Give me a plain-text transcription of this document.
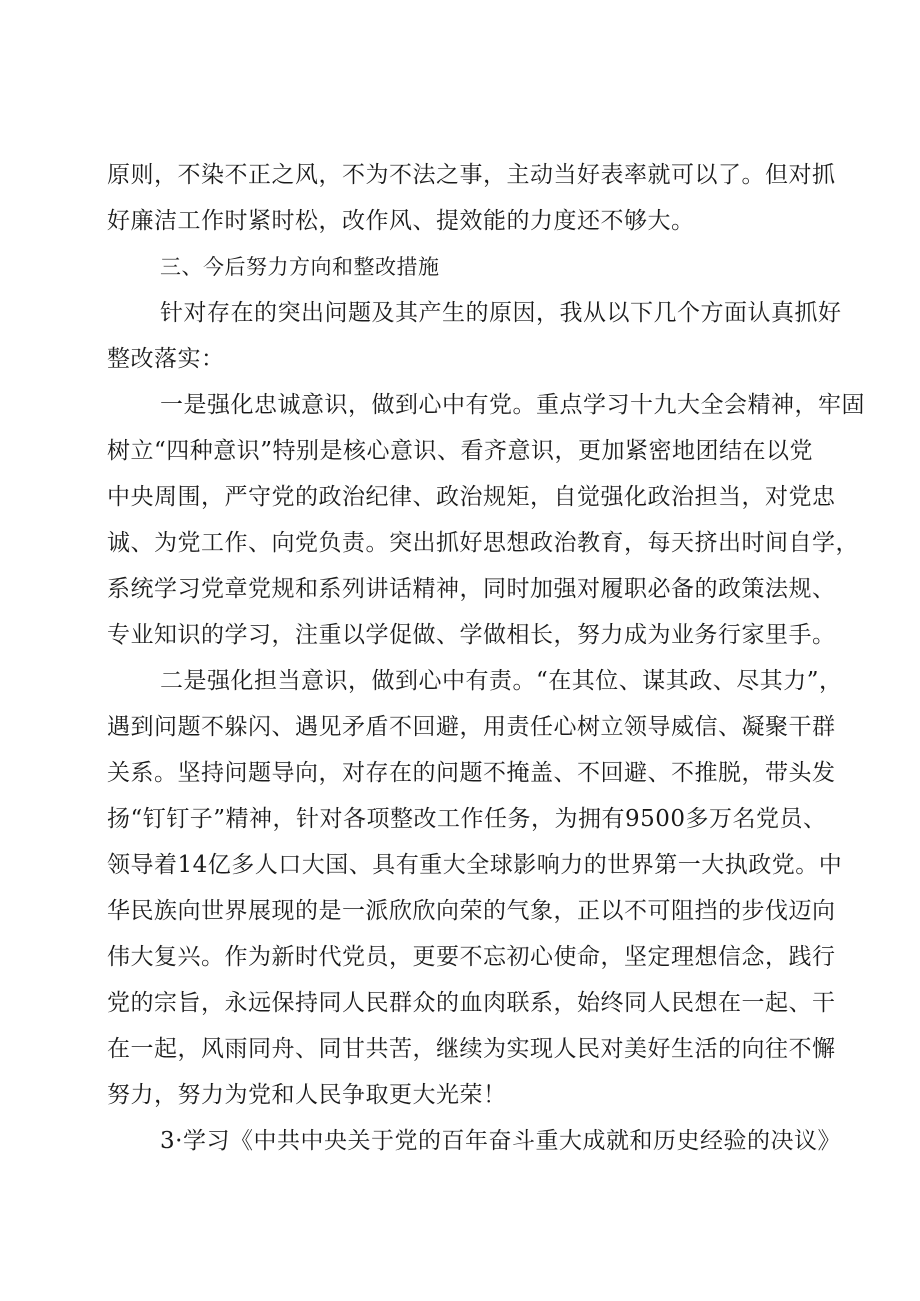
原则，不染不正之风，不为不法之事，主动当好表率就可以了。但对抓
好廉洁工作时紧时松，改作风、提效能的力度还不够大。
三、今后努力方向和整改措施
针对存在的突出问题及其产生的原因，我从以下几个方面认真抓好
整改落实：
一是强化忠诚意识，做到心中有党。重点学习十九大全会精神，牢固
树立“四种意识”特别是核心意识、看齐意识，更加紧密地团结在以党
中央周围，严守党的政治纪律、政治规矩，自觉强化政治担当，对党忠
诚、为党工作、向党负责。突出抓好思想政治教育，每天挤出时间自学，
系统学习党章党规和系列讲话精神，同时加强对履职必备的政策法规、
专业知识的学习，注重以学促做、学做相长，努力成为业务行家里手。
二是强化担当意识，做到心中有责。“在其位、谋其政、尽其力”，
遇到问题不躲闪、遇见矛盾不回避，用责任心树立领导威信、凝聚干群
关系。坚持问题导向，对存在的问题不掩盖、不回避、不推脱，带头发
扬“钉钉子”精神，针对各项整改工作任务，为拥有9500多万名党员、
领导着14亿多人口大国、具有重大全球影响力的世界第一大执政党。中
华民族向世界展现的是一派欣欣向荣的气象，正以不可阻挡的步伐迈向
伟大复兴。作为新时代党员，更要不忘初心使命，坚定理想信念，践行
党的宗旨，永远保持同人民群众的血肉联系，始终同人民想在一起、干
在一起，风雨同舟、同甘共苦，继续为实现人民对美好生活的向往不懈
努力，努力为党和人民争取更大光荣！
3·学习《中共中央关于党的百年奋斗重大成就和历史经验的决议》
